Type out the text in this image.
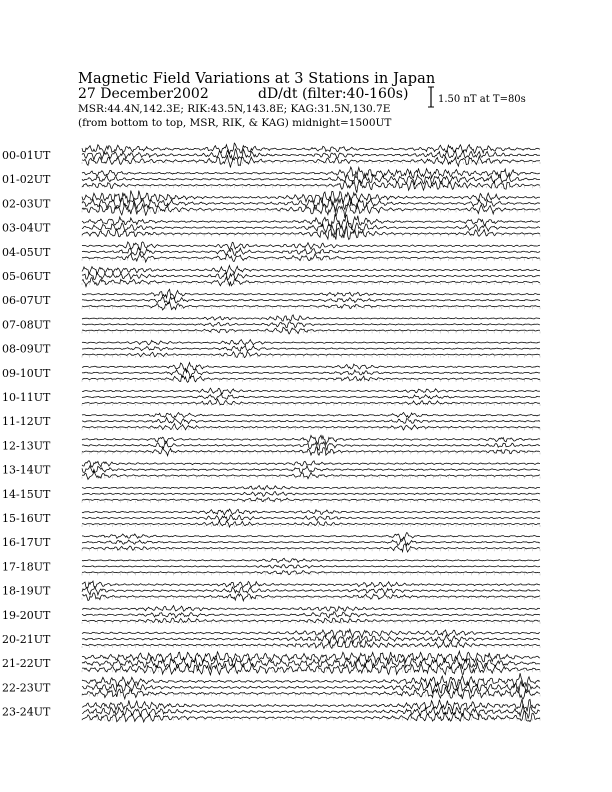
Magnetic Field Variations at 3 Stations in Japan
27 December2002	dD/dt (filter:40-160s)
MSR:44.4N,142.3E; RIK:43.5N,143.8E; KAG:31.5N,130.7E
(from bottom to top, MSR, RIK, & KAG) midnight=1500UT
1.50 nT at T=80s
00-01UT
01-02UT
02-03UT
03-04UT
04-05UT
05-06UT
06-07UT
07-08UT
08-09UT
09-10UT
10-11UT
11-12UT
12-13UT
13-14UT
14-15UT
15-16UT
16-17UT
17-18UT
18-19UT
19-20UT
20-21UT
21-22UT
22-23UT
23-24UT
